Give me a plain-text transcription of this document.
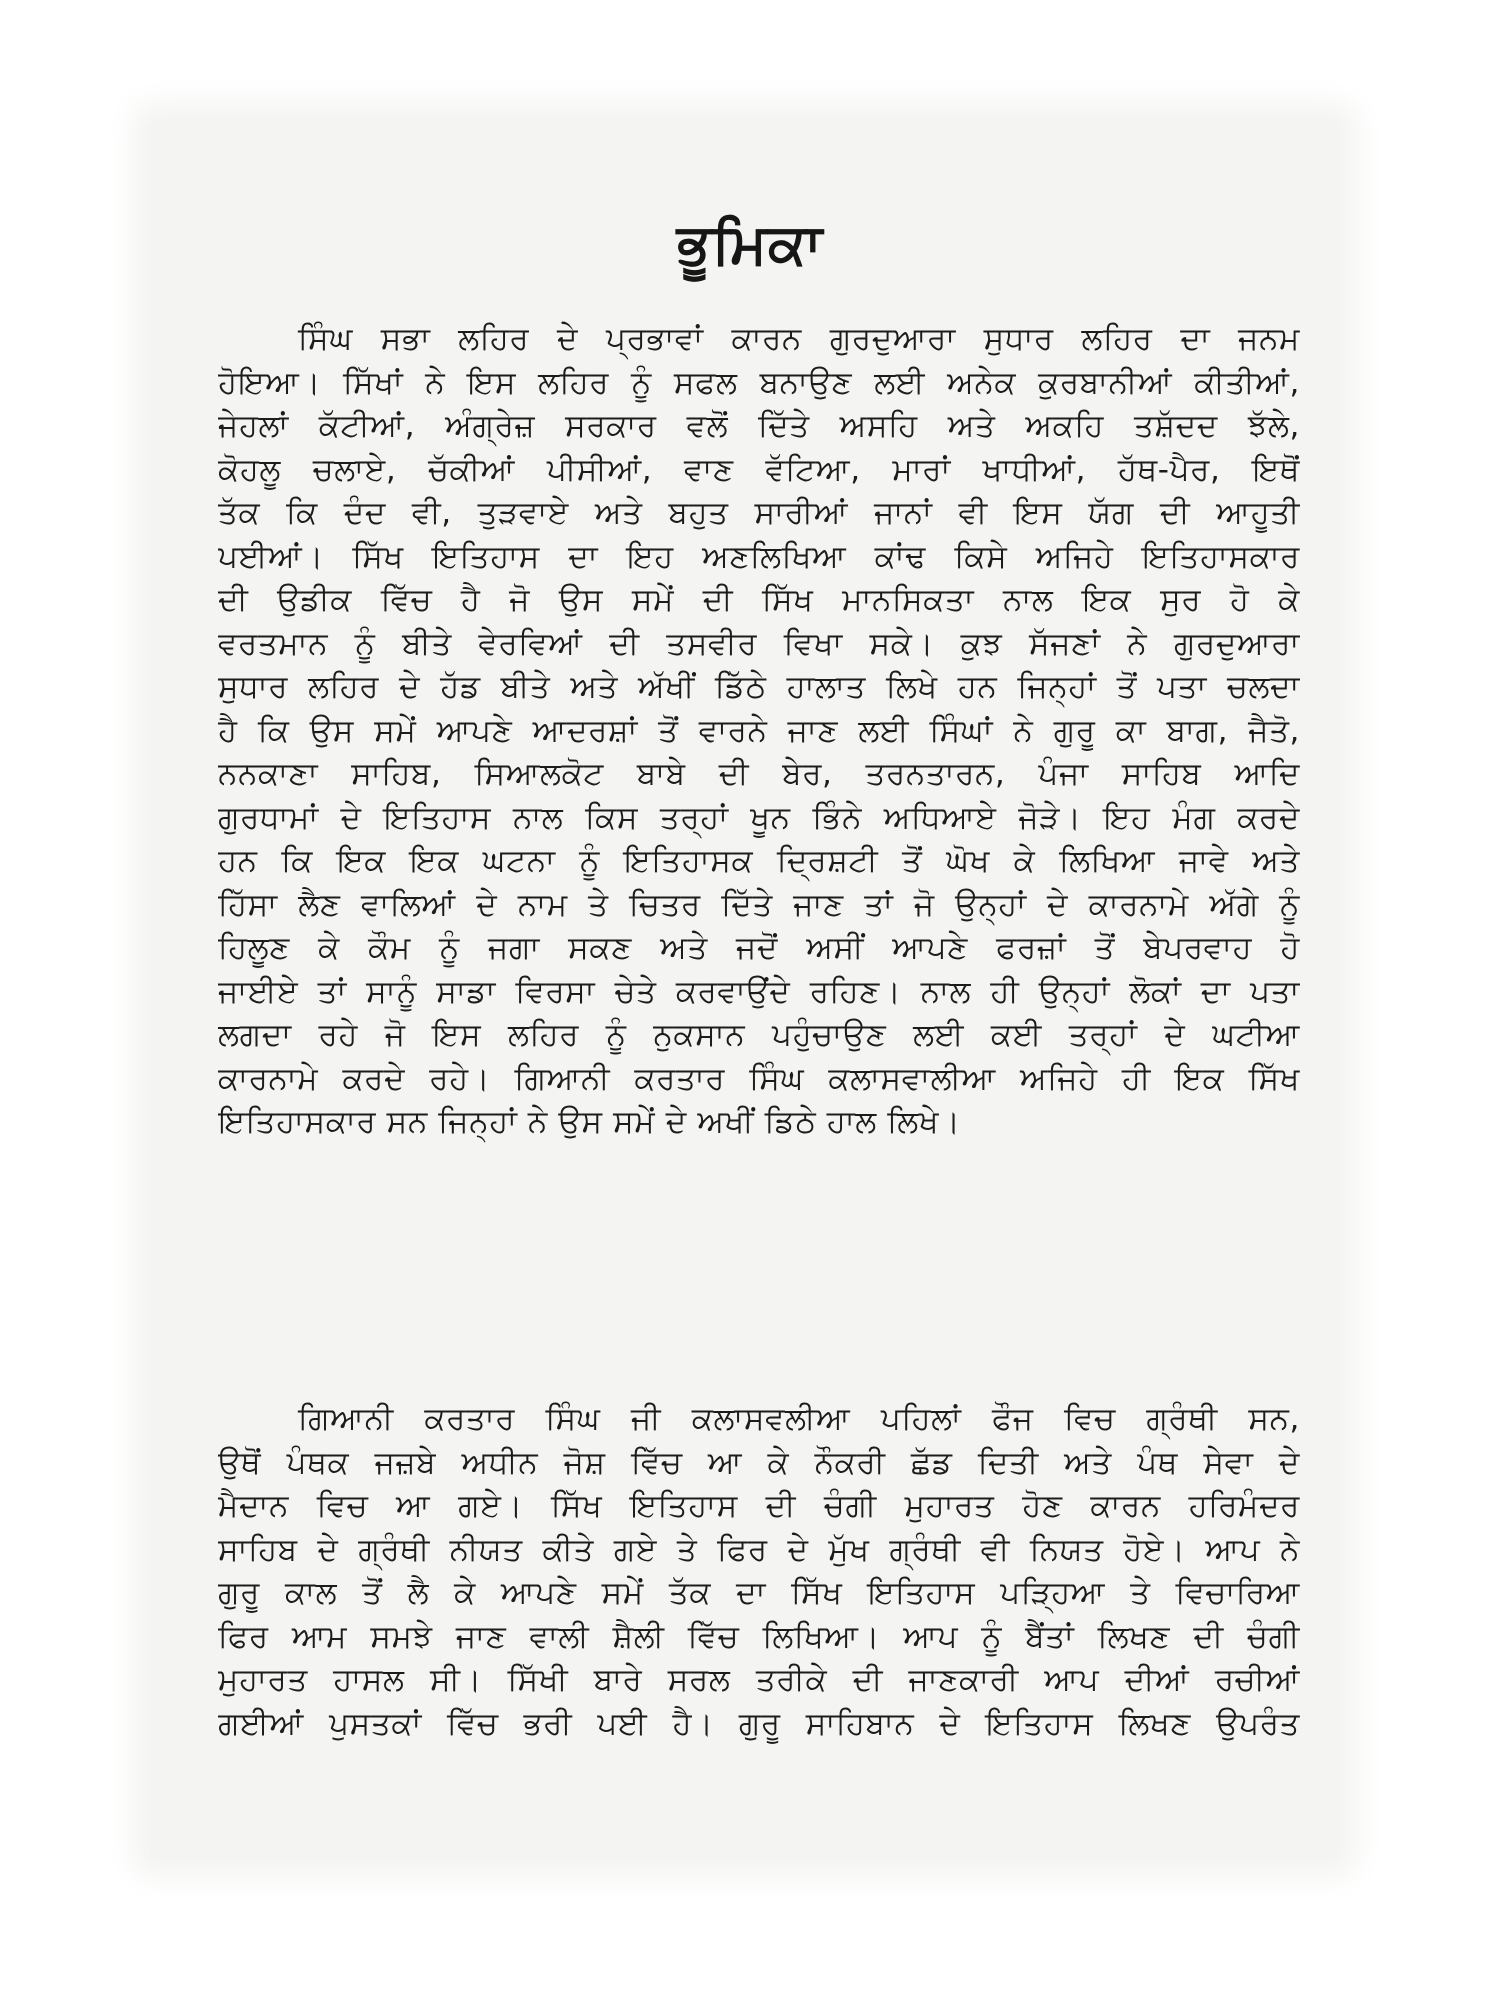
ਭੂਮਿਕਾ
ਸਿੰਘ ਸਭਾ ਲਹਿਰ ਦੇ ਪ੍ਰਭਾਵਾਂ ਕਾਰਨ ਗੁਰਦੁਆਰਾ ਸੁਧਾਰ ਲਹਿਰ ਦਾ ਜਨਮ
ਹੋਇਆ। ਸਿੱਖਾਂ ਨੇ ਇਸ ਲਹਿਰ ਨੂੰ ਸਫਲ ਬਨਾਉਣ ਲਈ ਅਨੇਕ ਕੁਰਬਾਨੀਆਂ ਕੀਤੀਆਂ,
ਜੇਹਲਾਂ ਕੱਟੀਆਂ, ਅੰਗ੍ਰੇਜ਼ ਸਰਕਾਰ ਵਲੋਂ ਦਿੱਤੇ ਅਸਹਿ ਅਤੇ ਅਕਹਿ ਤਸ਼ੱਦਦ ਝੱਲੇ,
ਕੋਹਲੂ ਚਲਾਏ, ਚੱਕੀਆਂ ਪੀਸੀਆਂ, ਵਾਣ ਵੱਟਿਆ, ਮਾਰਾਂ ਖਾਧੀਆਂ, ਹੱਥ-ਪੈਰ, ਇਥੋਂ
ਤੱਕ ਕਿ ਦੰਦ ਵੀ, ਤੁੜਵਾਏ ਅਤੇ ਬਹੁਤ ਸਾਰੀਆਂ ਜਾਨਾਂ ਵੀ ਇਸ ਯੱਗ ਦੀ ਆਹੂਤੀ
ਪਈਆਂ। ਸਿੱਖ ਇਤਿਹਾਸ ਦਾ ਇਹ ਅਣਲਿਖਿਆ ਕਾਂਢ ਕਿਸੇ ਅਜਿਹੇ ਇਤਿਹਾਸਕਾਰ
ਦੀ ਉਡੀਕ ਵਿੱਚ ਹੈ ਜੋ ਉਸ ਸਮੇਂ ਦੀ ਸਿੱਖ ਮਾਨਸਿਕਤਾ ਨਾਲ ਇਕ ਸੁਰ ਹੋ ਕੇ
ਵਰਤਮਾਨ ਨੂੰ ਬੀਤੇ ਵੇਰਵਿਆਂ ਦੀ ਤਸਵੀਰ ਵਿਖਾ ਸਕੇ। ਕੁਝ ਸੱਜਣਾਂ ਨੇ ਗੁਰਦੁਆਰਾ
ਸੁਧਾਰ ਲਹਿਰ ਦੇ ਹੱਡ ਬੀਤੇ ਅਤੇ ਅੱਖੀਂ ਡਿੱਠੇ ਹਾਲਾਤ ਲਿਖੇ ਹਨ ਜਿਨ੍ਹਾਂ ਤੋਂ ਪਤਾ ਚਲਦਾ
ਹੈ ਕਿ ਉਸ ਸਮੇਂ ਆਪਣੇ ਆਦਰਸ਼ਾਂ ਤੋਂ ਵਾਰਨੇ ਜਾਣ ਲਈ ਸਿੰਘਾਂ ਨੇ ਗੁਰੂ ਕਾ ਬਾਗ, ਜੈਤੋ,
ਨਨਕਾਣਾ ਸਾਹਿਬ, ਸਿਆਲਕੋਟ ਬਾਬੇ ਦੀ ਬੇਰ, ਤਰਨਤਾਰਨ, ਪੰਜਾ ਸਾਹਿਬ ਆਦਿ
ਗੁਰਧਾਮਾਂ ਦੇ ਇਤਿਹਾਸ ਨਾਲ ਕਿਸ ਤਰ੍ਹਾਂ ਖੂਨ ਭਿੰਨੇ ਅਧਿਆਏ ਜੋੜੇ। ਇਹ ਮੰਗ ਕਰਦੇ
ਹਨ ਕਿ ਇਕ ਇਕ ਘਟਨਾ ਨੂੰ ਇਤਿਹਾਸਕ ਦ੍ਰਿਸ਼ਟੀ ਤੋਂ ਘੋਖ ਕੇ ਲਿਖਿਆ ਜਾਵੇ ਅਤੇ
ਹਿੱਸਾ ਲੈਣ ਵਾਲਿਆਂ ਦੇ ਨਾਮ ਤੇ ਚਿਤਰ ਦਿੱਤੇ ਜਾਣ ਤਾਂ ਜੋ ਉਨ੍ਹਾਂ ਦੇ ਕਾਰਨਾਮੇ ਅੱਗੇ ਨੂੰ
ਹਿਲੂਣ ਕੇ ਕੌਮ ਨੂੰ ਜਗਾ ਸਕਣ ਅਤੇ ਜਦੋਂ ਅਸੀਂ ਆਪਣੇ ਫਰਜ਼ਾਂ ਤੋਂ ਬੇਪਰਵਾਹ ਹੋ
ਜਾਈਏ ਤਾਂ ਸਾਨੂੰ ਸਾਡਾ ਵਿਰਸਾ ਚੇਤੇ ਕਰਵਾਉਂਦੇ ਰਹਿਣ। ਨਾਲ ਹੀ ਉਨ੍ਹਾਂ ਲੋਕਾਂ ਦਾ ਪਤਾ
ਲਗਦਾ ਰਹੇ ਜੋ ਇਸ ਲਹਿਰ ਨੂੰ ਨੁਕਸਾਨ ਪਹੁੰਚਾਉਣ ਲਈ ਕਈ ਤਰ੍ਹਾਂ ਦੇ ਘਟੀਆ
ਕਾਰਨਾਮੇ ਕਰਦੇ ਰਹੇ। ਗਿਆਨੀ ਕਰਤਾਰ ਸਿੰਘ ਕਲਾਸਵਾਲੀਆ ਅਜਿਹੇ ਹੀ ਇਕ ਸਿੱਖ
ਇਤਿਹਾਸਕਾਰ ਸਨ ਜਿਨ੍ਹਾਂ ਨੇ ਉਸ ਸਮੇਂ ਦੇ ਅਖੀਂ ਡਿਠੇ ਹਾਲ ਲਿਖੇ।
ਗਿਆਨੀ ਕਰਤਾਰ ਸਿੰਘ ਜੀ ਕਲਾਸਵਲੀਆ ਪਹਿਲਾਂ ਫੌਜ ਵਿਚ ਗ੍ਰੰਥੀ ਸਨ,
ਉਥੋਂ ਪੰਥਕ ਜਜ਼ਬੇ ਅਧੀਨ ਜੋਸ਼ ਵਿੱਚ ਆ ਕੇ ਨੌਕਰੀ ਛੱਡ ਦਿਤੀ ਅਤੇ ਪੰਥ ਸੇਵਾ ਦੇ
ਮੈਦਾਨ ਵਿਚ ਆ ਗਏ। ਸਿੱਖ ਇਤਿਹਾਸ ਦੀ ਚੰਗੀ ਮੁਹਾਰਤ ਹੋਣ ਕਾਰਨ ਹਰਿਮੰਦਰ
ਸਾਹਿਬ ਦੇ ਗ੍ਰੰਥੀ ਨੀਯਤ ਕੀਤੇ ਗਏ ਤੇ ਫਿਰ ਦੇ ਮੁੱਖ ਗ੍ਰੰਥੀ ਵੀ ਨਿਯਤ ਹੋਏ। ਆਪ ਨੇ
ਗੁਰੂ ਕਾਲ ਤੋਂ ਲੈ ਕੇ ਆਪਣੇ ਸਮੇਂ ਤੱਕ ਦਾ ਸਿੱਖ ਇਤਿਹਾਸ ਪੜ੍ਹਿਆ ਤੇ ਵਿਚਾਰਿਆ
ਫਿਰ ਆਮ ਸਮਝੇ ਜਾਣ ਵਾਲੀ ਸ਼ੈਲੀ ਵਿੱਚ ਲਿਖਿਆ। ਆਪ ਨੂੰ ਬੈਂਤਾਂ ਲਿਖਣ ਦੀ ਚੰਗੀ
ਮੁਹਾਰਤ ਹਾਸਲ ਸੀ। ਸਿੱਖੀ ਬਾਰੇ ਸਰਲ ਤਰੀਕੇ ਦੀ ਜਾਣਕਾਰੀ ਆਪ ਦੀਆਂ ਰਚੀਆਂ
ਗਈਆਂ ਪੁਸਤਕਾਂ ਵਿੱਚ ਭਰੀ ਪਈ ਹੈ। ਗੁਰੂ ਸਾਹਿਬਾਨ ਦੇ ਇਤਿਹਾਸ ਲਿਖਣ ਉਪਰੰਤ
